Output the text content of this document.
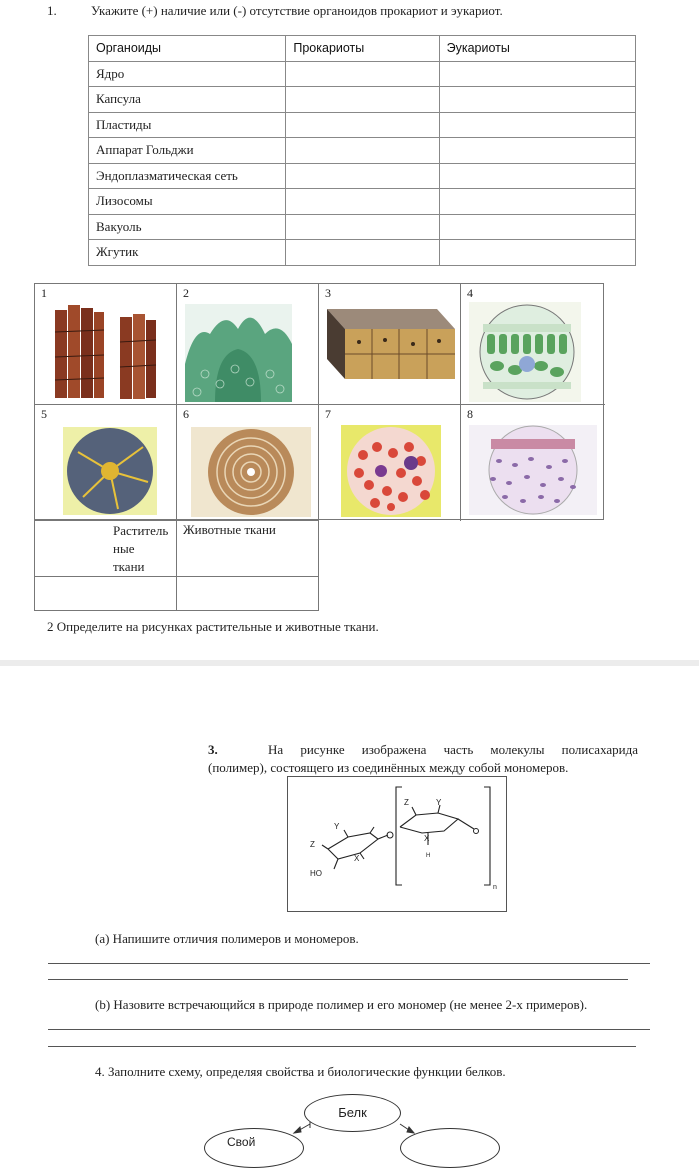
1.	Укажите (+) наличие или (-) отсутствие органоидов прокариот и эукариот.
Органоиды	Прокариоты	Эукариоты
Ядро		
Капсула		
Пластиды		
Аппарат Гольджи		
Эндоплазматическая сеть		
Лизосомы		
Вакуоль		
Жгутик		
1	2	3	4
5	6	7	8
Раститель
ные
ткани	Животные ткани

2 Определите на рисунках растительные и животные ткани.
3.	На рисунке изображена часть молекулы полисахарида
(полимер), состоящего из соединённых между собой мономеров.
Z
Y
X
HO
Z	Y
X
H
n
(a) Напишите отличия полимеров и мономеров.
(b) Назовите встречающийся в природе полимер и его мономер (не менее 2-х примеров).
4. Заполните схему, определяя свойства и биологические функции белков.
Белк
Свой
